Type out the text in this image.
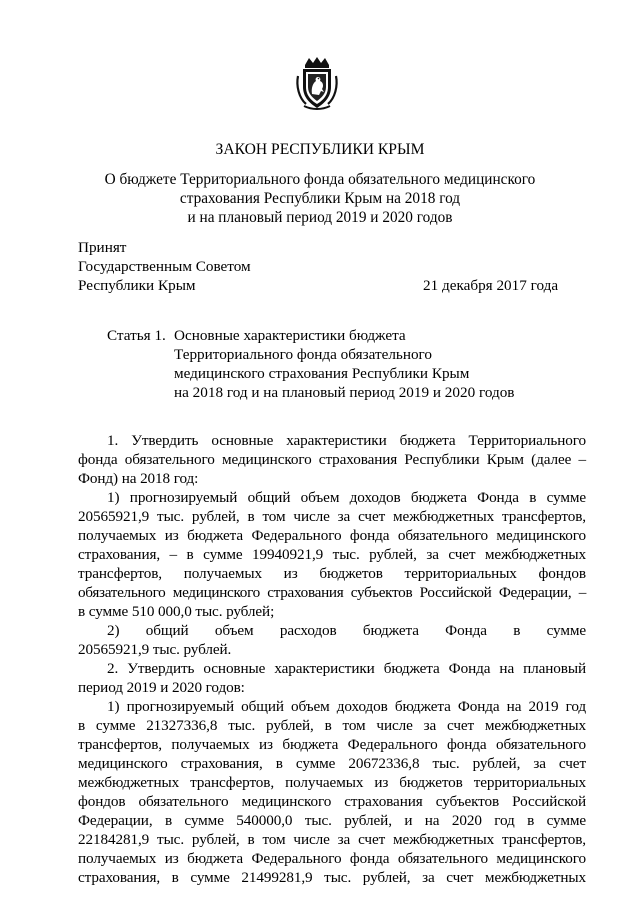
ЗАКОН РЕСПУБЛИКИ КРЫМ
О бюджете Территориального фонда обязательного медицинского
страхования Республики Крым на 2018 год
и на плановый период 2019 и 2020 годов
Принят
Государственным Советом
Республики Крым	21 декабря 2017 года
Статья 1. Основные характеристики бюджета
Территориального фонда обязательного
медицинского страхования Республики Крым
на 2018 год и на плановый период 2019 и 2020 годов
1. Утвердить основные характеристики бюджета Территориального
фонда обязательного медицинского страхования Республики Крым (далее –
Фонд) на 2018 год:
1) прогнозируемый общий объем доходов бюджета Фонда в сумме
20565921,9 тыс. рублей, в том числе за счет межбюджетных трансфертов,
получаемых из бюджета Федерального фонда обязательного медицинского
страхования, – в сумме 19940921,9 тыс. рублей, за счет межбюджетных
трансфертов, получаемых из бюджетов территориальных фондов
обязательного медицинского страхования субъектов Российской Федерации, –
в сумме 510 000,0 тыс. рублей;
2) общий объем расходов бюджета Фонда в сумме
20565921,9 тыс. рублей.
2. Утвердить основные характеристики бюджета Фонда на плановый
период 2019 и 2020 годов:
1) прогнозируемый общий объем доходов бюджета Фонда на 2019 год
в сумме 21327336,8 тыс. рублей, в том числе за счет межбюджетных
трансфертов, получаемых из бюджета Федерального фонда обязательного
медицинского страхования, в сумме 20672336,8 тыс. рублей, за счет
межбюджетных трансфертов, получаемых из бюджетов территориальных
фондов обязательного медицинского страхования субъектов Российской
Федерации, в сумме 540000,0 тыс. рублей, и на 2020 год в сумме
22184281,9 тыс. рублей, в том числе за счет межбюджетных трансфертов,
получаемых из бюджета Федерального фонда обязательного медицинского
страхования, в сумме 21499281,9 тыс. рублей, за счет межбюджетных
